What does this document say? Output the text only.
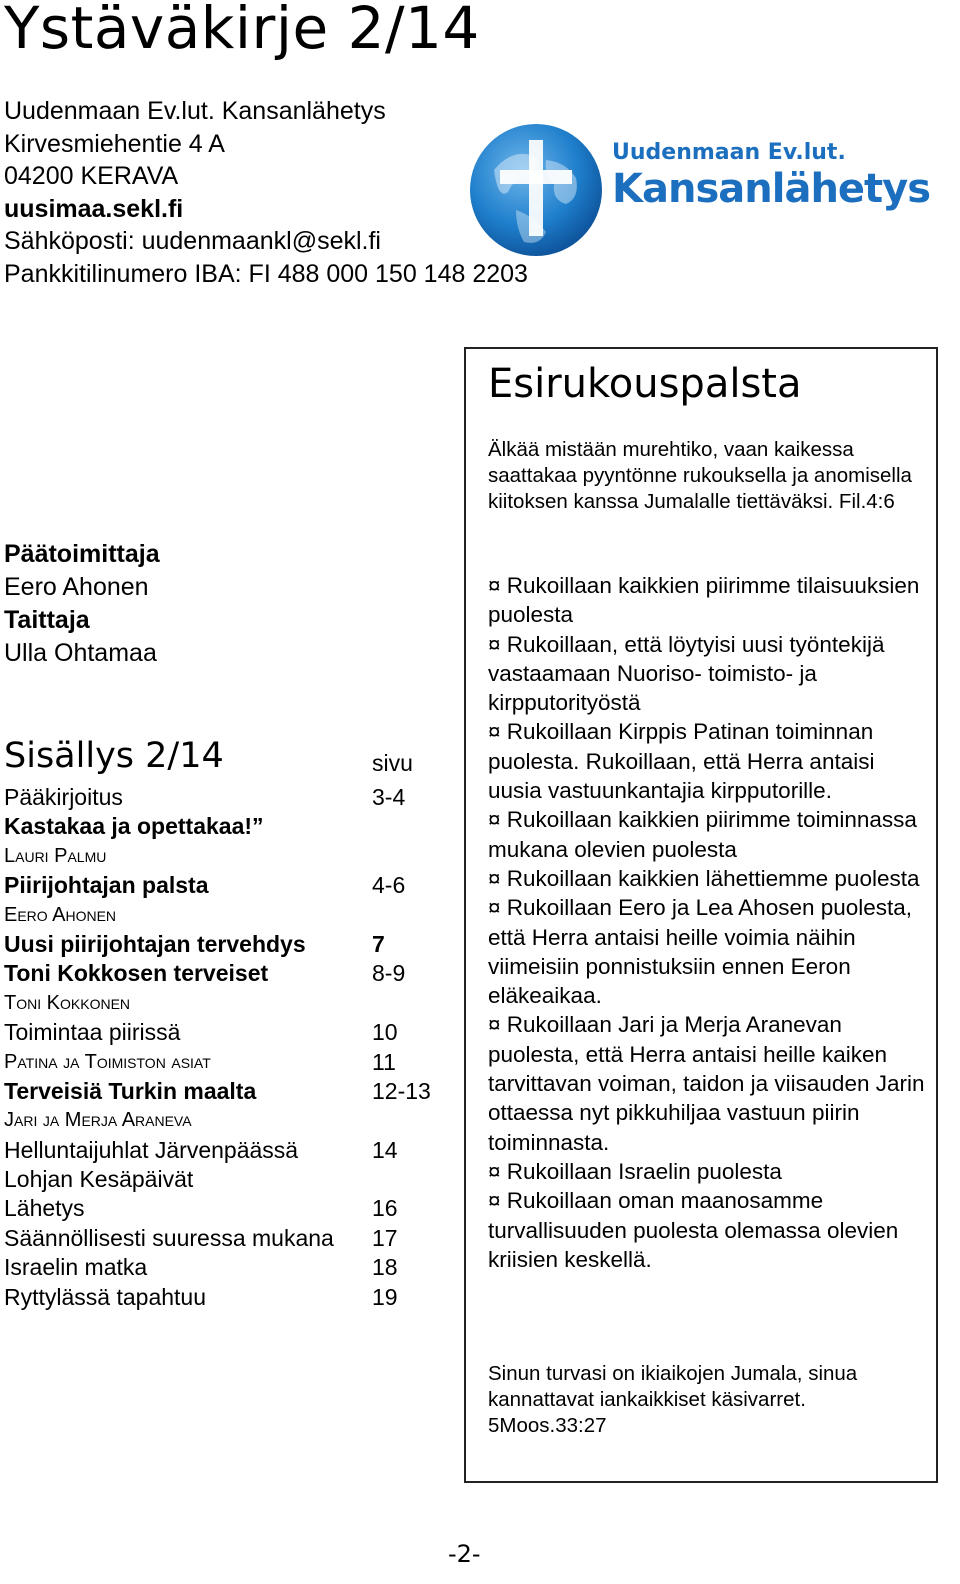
Ystäväkirje 2/14
Uudenmaan Ev.lut. Kansanlähetys
Kirvesmiehentie 4 A
04200 KERAVA
uusimaa.sekl.fi
Sähköposti: uudenmaankl@sekl.fi
Pankkitilinumero IBA: FI 488 000 150 148 2203
Uudenmaan Ev.lut.
Kansanlähetys
Päätoimittaja
Eero Ahonen
Taittaja
Ulla Ohtamaa
Sisällys 2/14	sivu
Pääkirjoitus	3-4
Kastakaa ja opettakaa!”
Lauri Palmu
Piirijohtajan palsta	4-6
Eero Ahonen
Uusi piirijohtajan tervehdys	7
Toni Kokkosen terveiset	8-9
Toni Kokkonen
Toimintaa piirissä	10
Patina ja Toimiston asiat	11
Terveisiä Turkin maalta	12-13
Jari ja Merja Araneva
Helluntaijuhlat Järvenpäässä	14
Lohjan Kesäpäivät
Lähetys	16
Säännöllisesti suuressa mukana 17
Israelin matka	18
Ryttylässä tapahtuu	19
Esirukouspalsta
Älkää mistään murehtiko, vaan kaikessa saattakaa pyyntönne rukouksella ja anomisella kiitoksen kanssa Jumalalle tiettäväksi. Fil.4:6
¤ Rukoillaan kaikkien piirimme tilaisuuksien puolesta
¤ Rukoillaan, että löytyisi uusi työntekijä vastaamaan Nuoriso- toimisto- ja kirpputorityöstä
¤ Rukoillaan Kirppis Patinan toiminnan puolesta. Rukoillaan, että Herra antaisi uusia vastuunkantajia kirpputorille.
¤ Rukoillaan kaikkien piirimme toiminnassa mukana olevien puolesta
¤ Rukoillaan kaikkien lähettiemme puolesta
¤ Rukoillaan Eero ja Lea Ahosen puolesta, että Herra antaisi heille voimia näihin viimeisiin ponnistuksiin ennen Eeron eläkeaikaa.
¤ Rukoillaan Jari ja Merja Aranevan puolesta, että Herra antaisi heille kaiken tarvittavan voiman, taidon ja viisauden Jarin ottaessa nyt pikkuhiljaa vastuun piirin toiminnasta.
¤ Rukoillaan Israelin puolesta
¤ Rukoillaan oman maanosamme turvallisuuden puolesta olemassa olevien kriisien keskellä.
Sinun turvasi on ikiaikojen Jumala, sinua kannattavat iankaikkiset käsivarret. 5Moos.33:27
-2-
